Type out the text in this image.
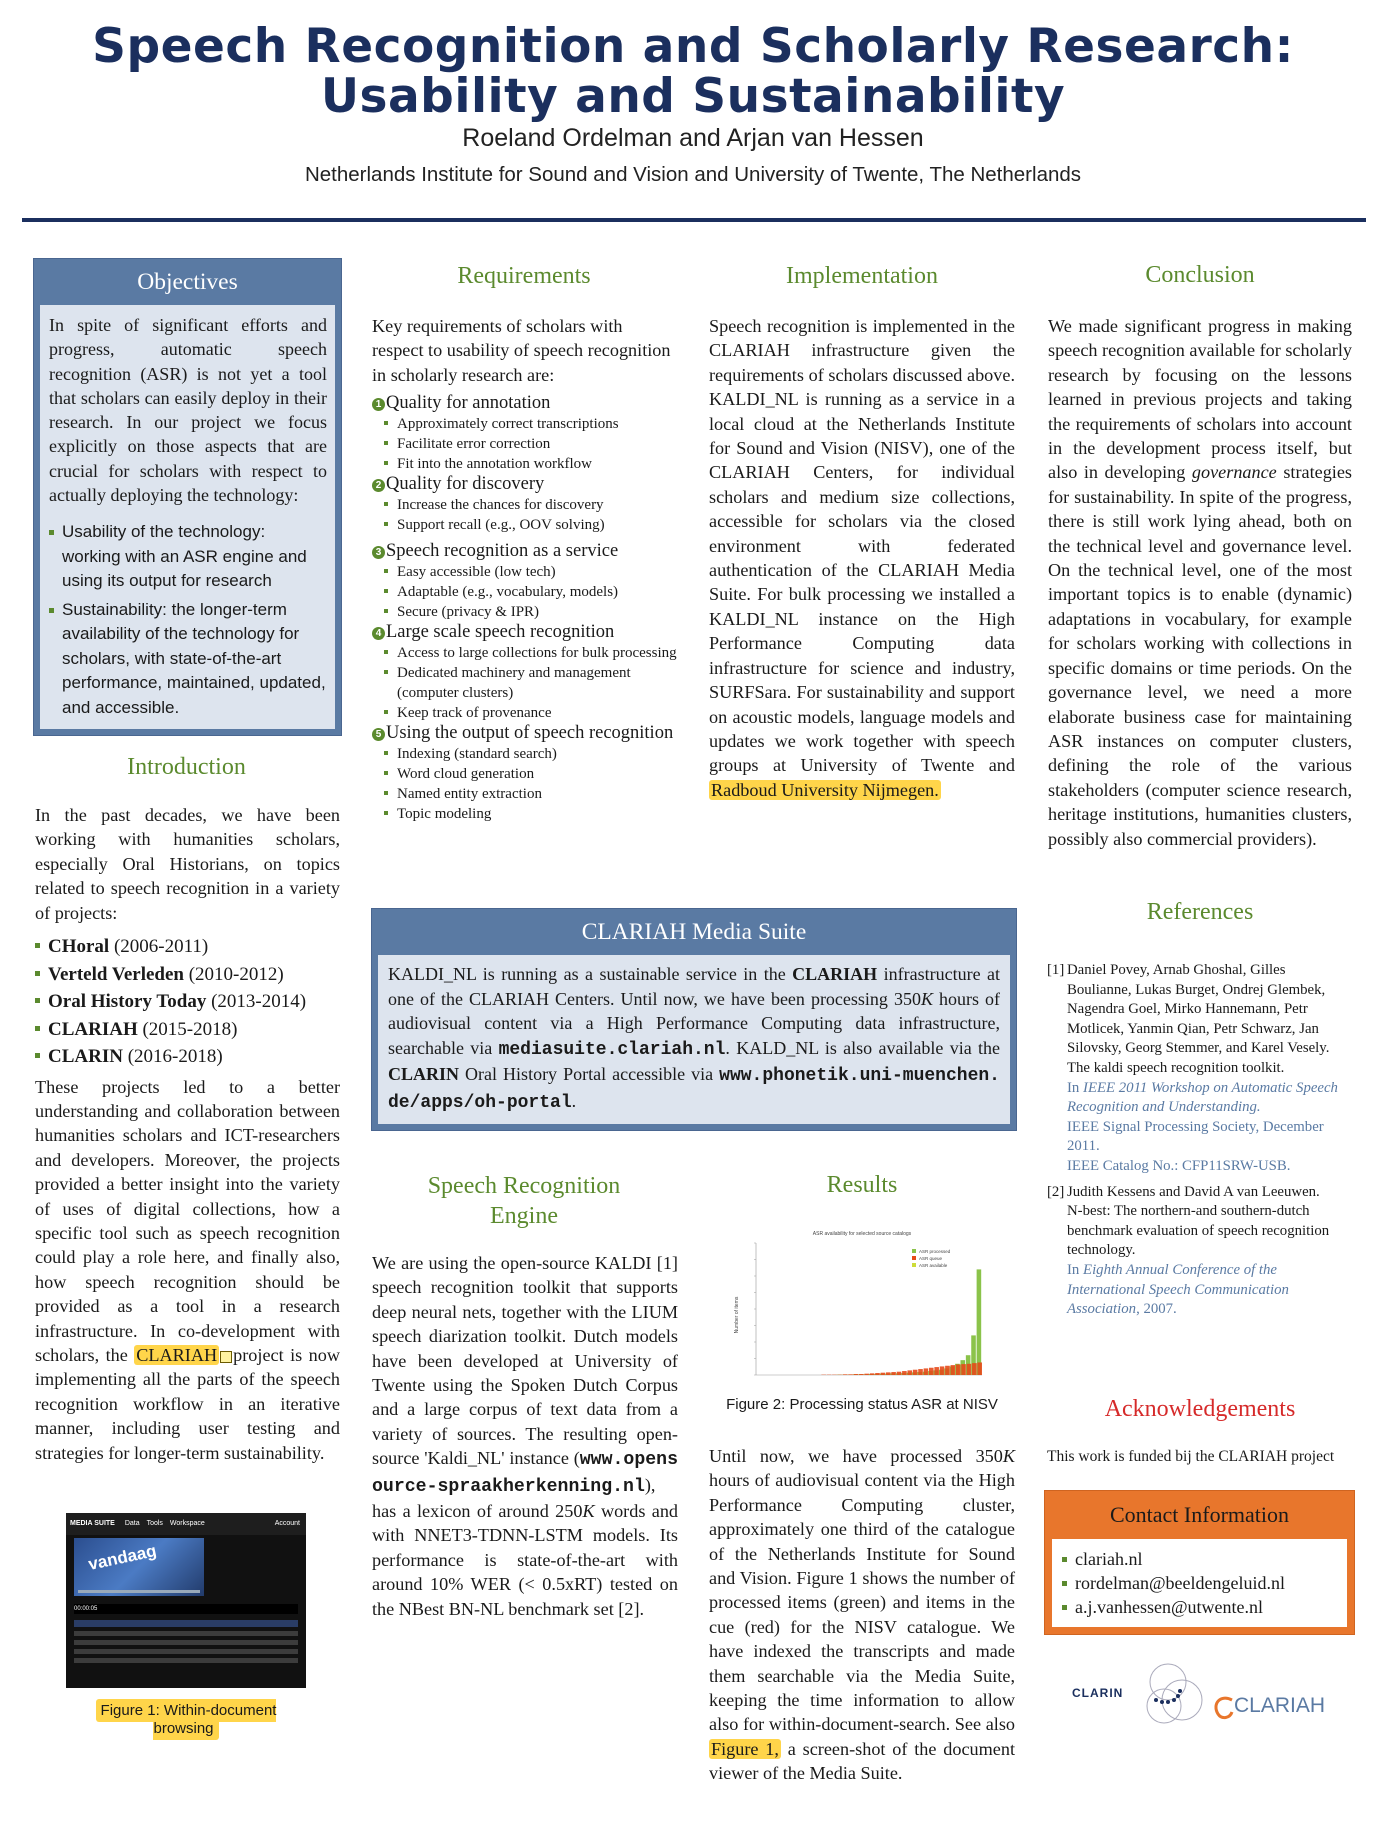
Speech Recognition and Scholarly Research:
Usability and Sustainability
Roeland Ordelman and Arjan van Hessen
Netherlands Institute for Sound and Vision and University of Twente, The Netherlands
Objectives
In spite of significant efforts and progress, automatic speech recognition (ASR) is not yet a tool that scholars can easily deploy in their research. In our project we focus explicitly on those aspects that are crucial for scholars with respect to actually deploying the technology:
Usability of the technology: working with an ASR engine and using its output for research
Sustainability: the longer-term availability of the technology for scholars, with state-of-the-art performance, maintained, updated, and accessible.
Introduction
In the past decades, we have been working with humanities scholars, especially Oral Historians, on topics related to speech recognition in a variety of projects:
CHoral (2006-2011)
Verteld Verleden (2010-2012)
Oral History Today (2013-2014)
CLARIAH (2015-2018)
CLARIN (2016-2018)
These projects led to a better understanding and collaboration between humanities scholars and ICT-researchers and developers. Moreover, the projects provided a better insight into the variety of uses of digital collections, how a specific tool such as speech recognition could play a role here, and finally also, how speech recognition should be provided as a tool in a research infrastructure. In co-development with scholars, the CLARIAH project is now implementing all the parts of the speech recognition workflow in an iterative manner, including user testing and strategies for longer-term sustainability.
MEDIA SUITE Data Tools Workspace	Account
vandaag
00:00:05
Figure 1: Within-document browsing
Requirements
Key requirements of scholars with respect to usability of speech recognition in scholarly research are:
1 Quality for annotation
Approximately correct transcriptions
Facilitate error correction
Fit into the annotation workflow
2 Quality for discovery
Increase the chances for discovery
Support recall (e.g., OOV solving)
3 Speech recognition as a service
Easy accessible (low tech)
Adaptable (e.g., vocabulary, models)
Secure (privacy & IPR)
4 Large scale speech recognition
Access to large collections for bulk processing
Dedicated machinery and management (computer clusters)
Keep track of provenance
5 Using the output of speech recognition
Indexing (standard search)
Word cloud generation
Named entity extraction
Topic modeling
Implementation
Speech recognition is implemented in the CLARIAH infrastructure given the requirements of scholars discussed above. KALDI_NL is running as a service in a local cloud at the Netherlands Institute for Sound and Vision (NISV), one of the CLARIAH Centers, for individual scholars and medium size collections, accessible for scholars via the closed environment with federated authentication of the CLARIAH Media Suite. For bulk processing we installed a KALDI_NL instance on the High Performance Computing data infrastructure for science and industry, SURFSara. For sustainability and support on acoustic models, language models and updates we work together with speech groups at University of Twente and Radboud University Nijmegen.
Conclusion
We made significant progress in making speech recognition available for scholarly research by focusing on the lessons learned in previous projects and taking the requirements of scholars into account in the development process itself, but also in developing governance strategies for sustainability. In spite of the progress, there is still work lying ahead, both on the technical level and governance level. On the technical level, one of the most important topics is to enable (dynamic) adaptations in vocabulary, for example for scholars working with collections in specific domains or time periods. On the governance level, we need a more elaborate business case for maintaining ASR instances on computer clusters, defining the role of the various stakeholders (computer science research, heritage institutions, humanities clusters, possibly also commercial providers).
References
[1] Daniel Povey, Arnab Ghoshal, Gilles Boulianne, Lukas Burget, Ondrej Glembek, Nagendra Goel, Mirko Hannemann, Petr Motlicek, Yanmin Qian, Petr Schwarz, Jan Silovsky, Georg Stemmer, and Karel Vesely.
The kaldi speech recognition toolkit.
In IEEE 2011 Workshop on Automatic Speech Recognition and Understanding.
IEEE Signal Processing Society, December 2011.
IEEE Catalog No.: CFP11SRW-USB.
[2] Judith Kessens and David A van Leeuwen.
N-best: The northern-and southern-dutch benchmark evaluation of speech recognition technology.
In Eighth Annual Conference of the International Speech Communication Association, 2007.
Acknowledgements
This work is funded bij the CLARIAH project
Contact Information
clariah.nl
rordelman@beeldengeluid.nl
a.j.vanhessen@utwente.nl
CLARIN
CLARIAH
CLARIAH Media Suite
KALDI_NL is running as a sustainable service in the CLARIAH infrastructure at one of the CLARIAH Centers. Until now, we have been processing 350K hours of audiovisual content via a High Performance Computing data infrastructure, searchable via mediasuite.clariah.nl. KALD_NL is also available via the CLARIN Oral History Portal accessible via www.phonetik.uni-muenchen.de/apps/oh-portal.
Speech Recognition
Engine
We are using the open-source KALDI [1] speech recognition toolkit that supports deep neural nets, together with the LIUM speech diarization toolkit. Dutch models have been developed at University of Twente using the Spoken Dutch Corpus and a large corpus of text data from a variety of sources. The resulting open-source 'Kaldi_NL' instance (www.opensource-spraakherkenning.nl), has a lexicon of around 250K words and with NNET3-TDNN-LSTM models. Its performance is state-of-the-art with around 10% WER (< 0.5xRT) tested on the NBest BN-NL benchmark set [2].
Results
ASR availability for selected source catalogs
Number of items
ASR processed
ASR queue
ASR available
Figure 2: Processing status ASR at NISV
Until now, we have processed 350K hours of audiovisual content via the High Performance Computing cluster, approximately one third of the catalogue of the Netherlands Institute for Sound and Vision. Figure 1 shows the number of processed items (green) and items in the cue (red) for the NISV catalogue. We have indexed the transcripts and made them searchable via the Media Suite, keeping the time information to allow also for within-document-search. See also Figure 1, a screen-shot of the document viewer of the Media Suite.
